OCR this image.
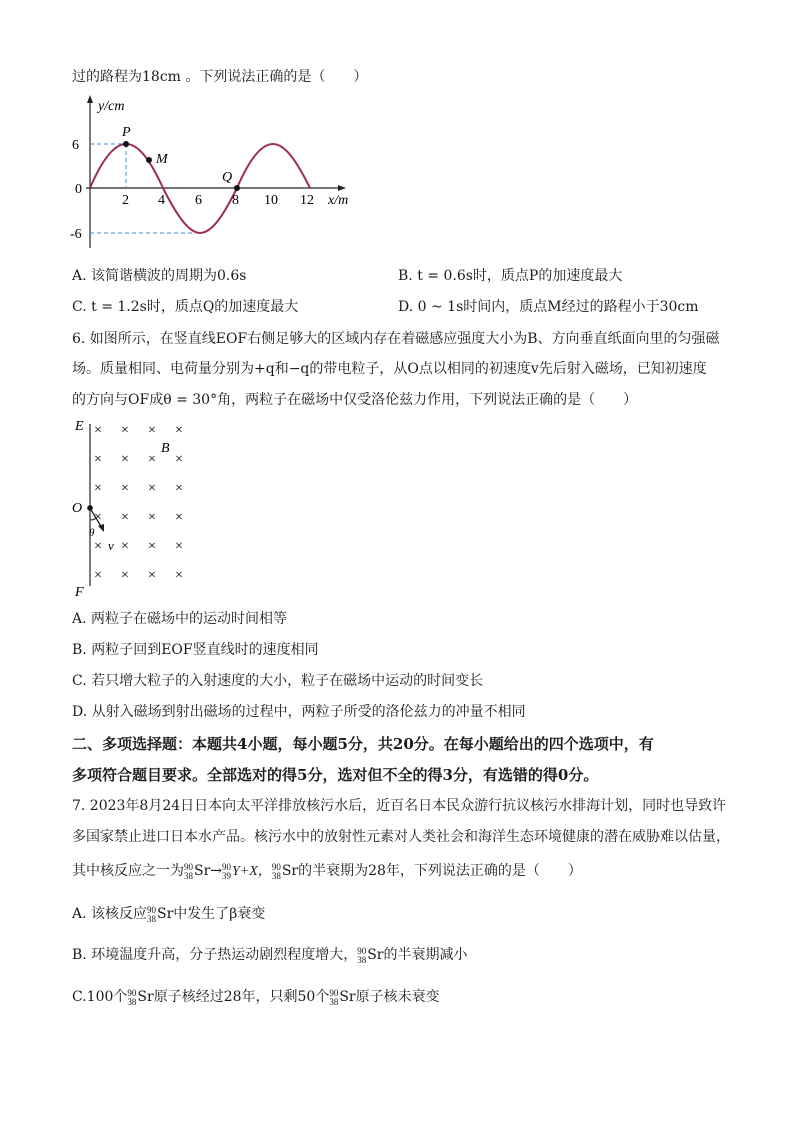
过的路程为18cm 。下列说法正确的是（　　）
y/cm
x/m
6
0
-6
2 4 6 8 10 12
P
M
Q
A. 该简谐横波的周期为0.6s	B. t = 0.6s时，质点P的加速度最大
C. t = 1.2s时，质点Q的加速度最大	D. 0 ~ 1s时间内，质点M经过的路程小于30cm
6. 如图所示，在竖直线EOF右侧足够大的区域内存在着磁感应强度大小为B、方向垂直纸面向里的匀强磁
场。质量相同、电荷量分别为+q和−q的带电粒子，从O点以相同的初速度v先后射入磁场，已知初速度
的方向与OF成θ = 30°角，两粒子在磁场中仅受洛伦兹力作用，下列说法正确的是（　　）
E
O
F
B
θ
v
× × × ×
× × × ×
× × × ×
× × × ×
× × × ×
× × × ×
A. 两粒子在磁场中的运动时间相等
B. 两粒子回到EOF竖直线时的速度相同
C. 若只增大粒子的入射速度的大小，粒子在磁场中运动的时间变长
D. 从射入磁场到射出磁场的过程中，两粒子所受的洛伦兹力的冲量不相同
二、多项选择题：本题共4小题，每小题5分，共20分。在每小题给出的四个选项中，有
多项符合题目要求。全部选对的得5分，选对但不全的得3分，有选错的得0分。
7. 2023年8月24日日本向太平洋排放核污水后，近百名日本民众游行抗议核污水排海计划，同时也导致许
多国家禁止进口日本水产品。核污水中的放射性元素对人类社会和海洋生态环境健康的潜在威胁难以估量，
其中核反应之一为 90
38 Sr→ 90
39 Y+X， 90
38 Sr的半衰期为28年，下列说法正确的是（　　）
A. 该核反应 90
38 Sr中发生了β衰变
B. 环境温度升高，分子热运动剧烈程度增大， 90
38 Sr的半衰期减小
C.100个 90
38 Sr原子核经过28年，只剩50个 90
38 Sr原子核未衰变
